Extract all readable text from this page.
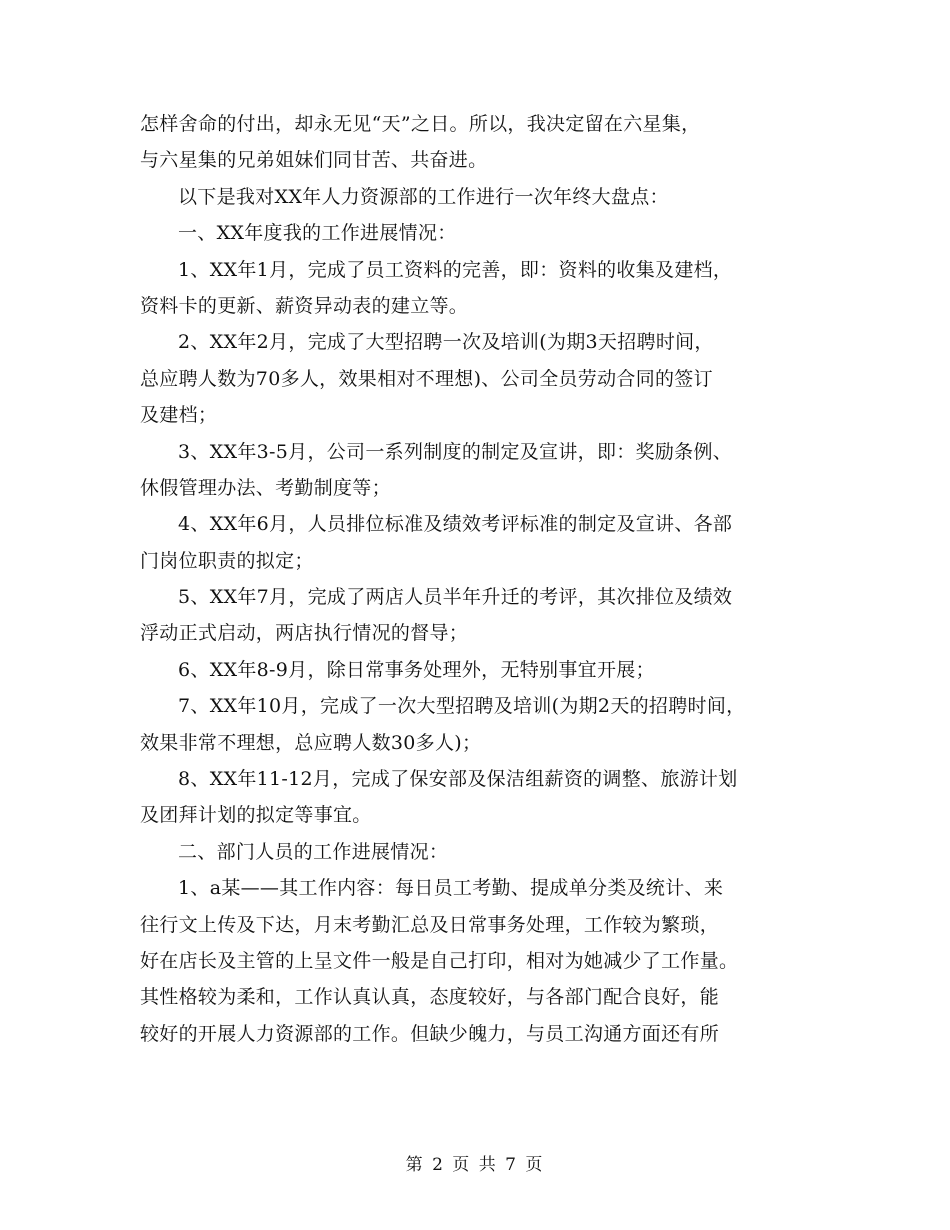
怎样舍命的付出，却永无见“天”之日。所以，我决定留在六星集，
与六星集的兄弟姐妹们同甘苦、共奋进。
以下是我对XX年人力资源部的工作进行一次年终大盘点：
一、XX年度我的工作进展情况：
1、XX年1月，完成了员工资料的完善，即：资料的收集及建档，
资料卡的更新、薪资异动表的建立等。
2、XX年2月，完成了大型招聘一次及培训(为期3天招聘时间，
总应聘人数为70多人，效果相对不理想)、公司全员劳动合同的签订
及建档；
3、XX年3-5月，公司一系列制度的制定及宣讲，即：奖励条例、
休假管理办法、考勤制度等；
4、XX年6月，人员排位标准及绩效考评标准的制定及宣讲、各部
门岗位职责的拟定；
5、XX年7月，完成了两店人员半年升迁的考评，其次排位及绩效
浮动正式启动，两店执行情况的督导；
6、XX年8-9月，除日常事务处理外，无特别事宜开展；
7、XX年10月，完成了一次大型招聘及培训(为期2天的招聘时间，
效果非常不理想，总应聘人数30多人)；
8、XX年11-12月，完成了保安部及保洁组薪资的调整、旅游计划
及团拜计划的拟定等事宜。
二、部门人员的工作进展情况：
1、a某——其工作内容：每日员工考勤、提成单分类及统计、来
往行文上传及下达，月末考勤汇总及日常事务处理，工作较为繁琐，
好在店长及主管的上呈文件一般是自己打印，相对为她减少了工作量。
其性格较为柔和，工作认真认真，态度较好，与各部门配合良好，能
较好的开展人力资源部的工作。但缺少魄力，与员工沟通方面还有所
第 2 页 共 7 页
